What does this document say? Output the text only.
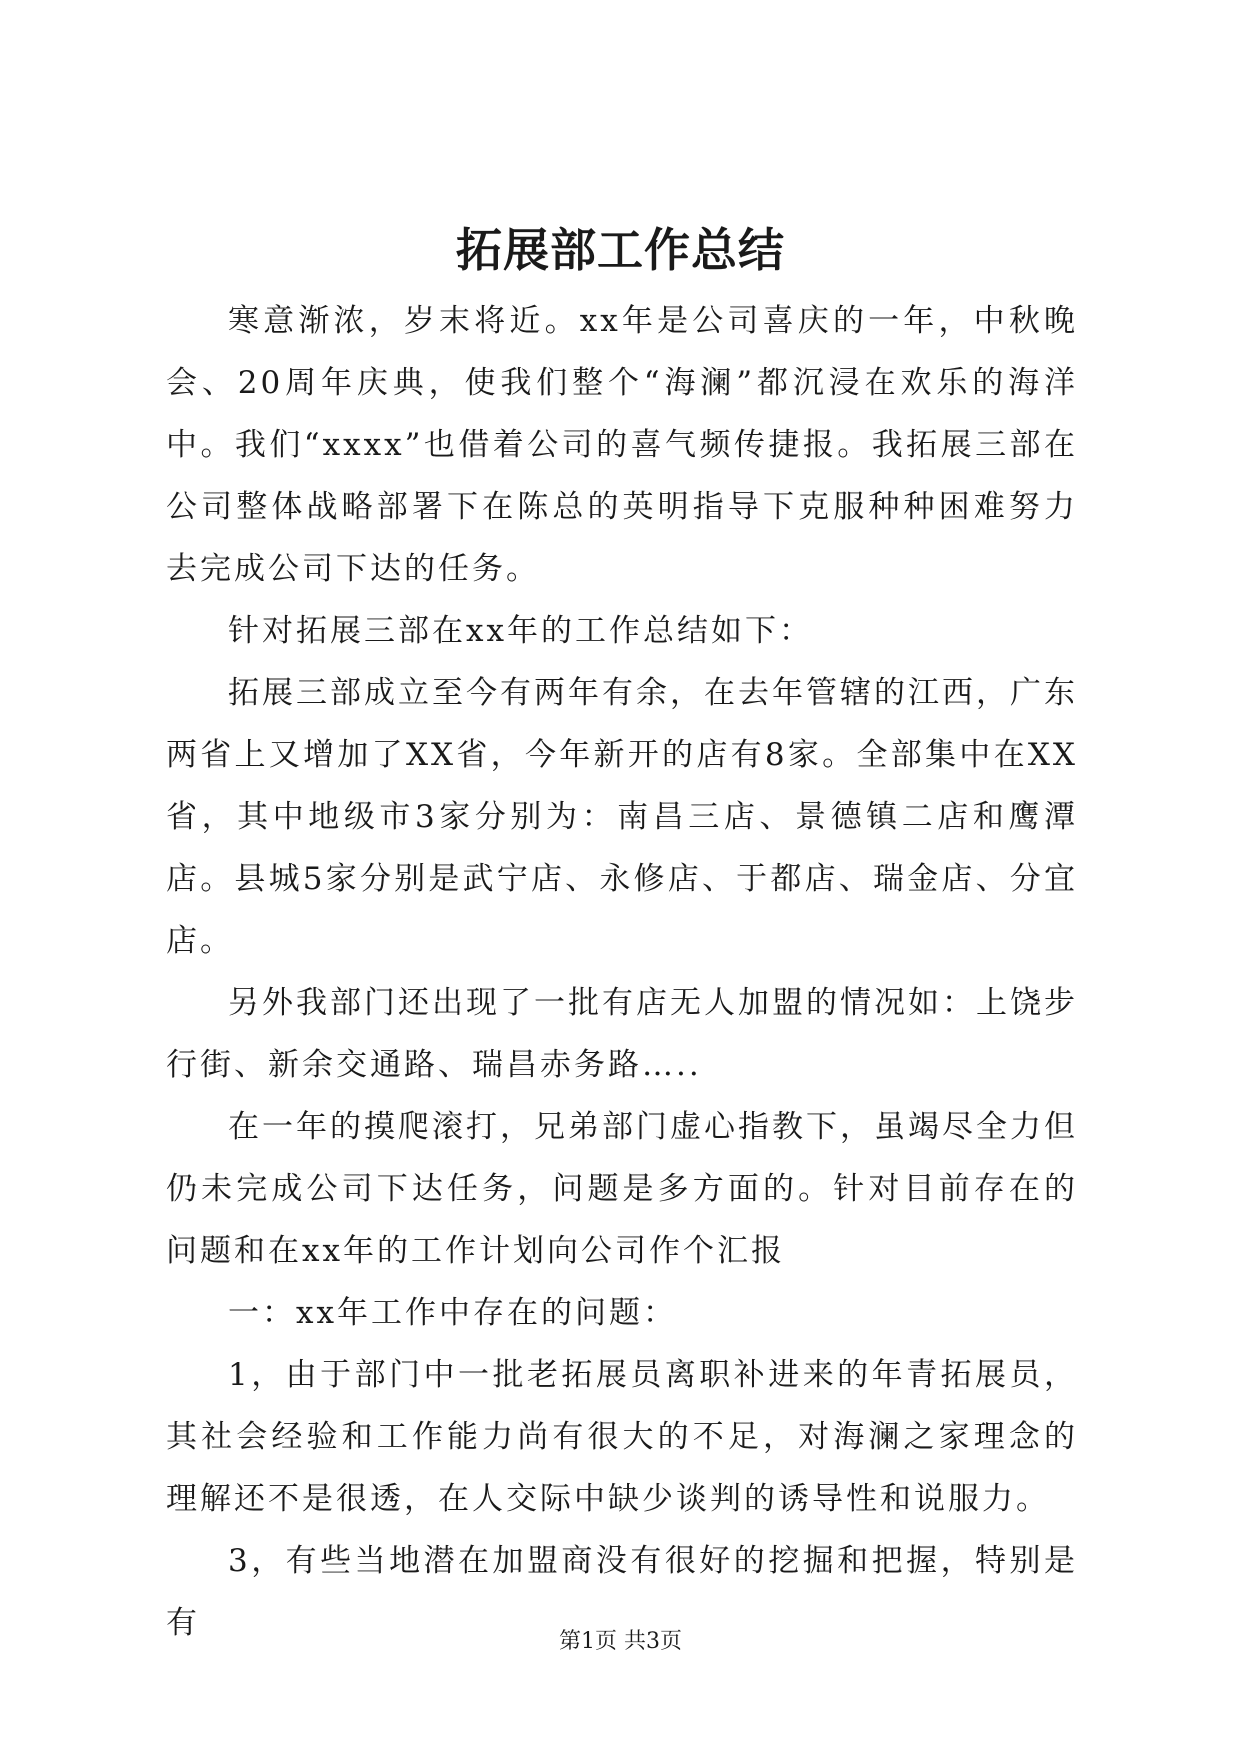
拓展部工作总结

寒意渐浓，岁末将近。xx年是公司喜庆的一年，中秋晚会、20周年庆典，使我们整个“海澜”都沉浸在欢乐的海洋中。我们“xxxx”也借着公司的喜气频传捷报。我拓展三部在公司整体战略部署下在陈总的英明指导下克服种种困难努力去完成公司下达的任务。

针对拓展三部在xx年的工作总结如下：

拓展三部成立至今有两年有余，在去年管辖的江西，广东两省上又增加了XX省，今年新开的店有8家。全部集中在XX省，其中地级市3家分别为：南昌三店、景德镇二店和鹰潭店。县城5家分别是武宁店、永修店、于都店、瑞金店、分宜店。

另外我部门还出现了一批有店无人加盟的情况如：上饶步行街、新余交通路、瑞昌赤务路…..

在一年的摸爬滚打，兄弟部门虚心指教下，虽竭尽全力但仍未完成公司下达任务，问题是多方面的。针对目前存在的问题和在xx年的工作计划向公司作个汇报

一：xx年工作中存在的问题：

1，由于部门中一批老拓展员离职补进来的年青拓展员，其社会经验和工作能力尚有很大的不足，对海澜之家理念的理解还不是很透，在人交际中缺少谈判的诱导性和说服力。

3，有些当地潜在加盟商没有很好的挖掘和把握，特别是有

第1页 共3页
